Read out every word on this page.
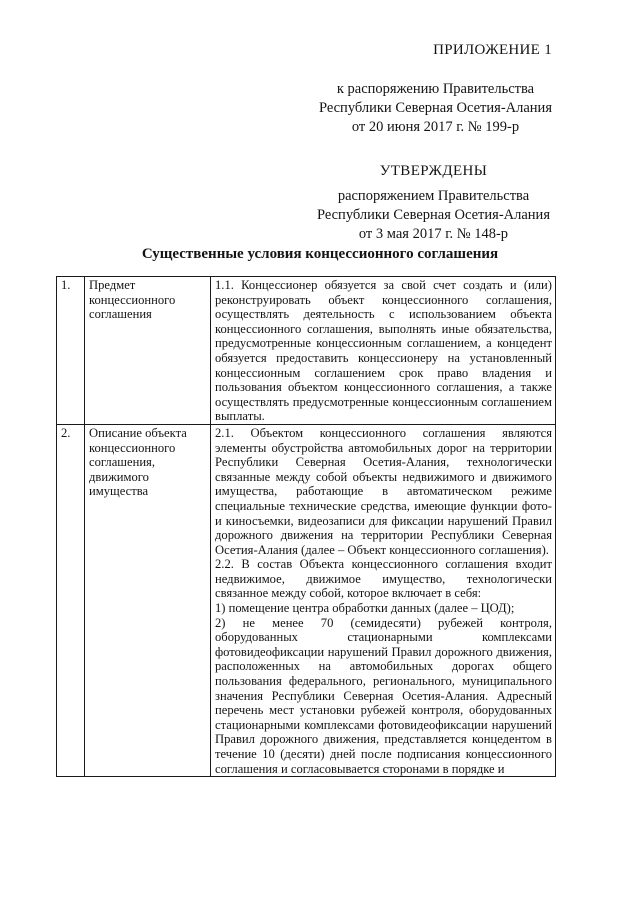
ПРИЛОЖЕНИЕ 1
к распоряжению Правительства
Республики Северная Осетия-Алания
от 20 июня 2017 г. № 199-р
УТВЕРЖДЕНЫ
распоряжением Правительства
Республики Северная Осетия-Алания
от 3 мая 2017 г. № 148-р
Существенные условия концессионного соглашения
1.	Предмет концессионного соглашения	1.1. Концессионер обязуется за свой счет создать и (или) реконструировать объект концессионного соглашения, осуществлять деятельность с использованием объекта концессионного соглашения, выполнять иные обязательства, предусмотренные концессионным соглашением, а концедент обязуется предоставить концессионеру на установленный концессионным соглашением срок право владения и пользования объектом концессионного соглашения, а также осуществлять предусмотренные концессионным соглашением выплаты.

2.	Описание объекта концессионного соглашения, движимого имущества	2.1. Объектом концессионного соглашения являются элементы обустройства автомобильных дорог на территории Республики Северная Осетия-Алания, технологически связанные между собой объекты недвижимого и движимого имущества, работающие в автоматическом режиме специальные технические средства, имеющие функции фото- и киносъемки, видеозаписи для фиксации нарушений Правил дорожного движения на территории Республики Северная Осетия-Алания (далее – Объект концессионного соглашения).
2.2. В состав Объекта концессионного соглашения входит недвижимое, движимое имущество, технологически связанное между собой, которое включает в себя:
1) помещение центра обработки данных (далее – ЦОД);
2) не менее 70 (семидесяти) рубежей контроля, оборудованных стационарными комплексами фотовидеофиксации нарушений Правил дорожного движения, расположенных на автомобильных дорогах общего пользования федерального, регионального, муниципального значения Республики Северная Осетия-Алания. Адресный перечень мест установки рубежей контроля, оборудованных стационарными комплексами фотовидеофиксации нарушений Правил дорожного движения, представляется концедентом в течение 10 (десяти) дней после подписания концессионного соглашения и согласовывается сторонами в порядке и
